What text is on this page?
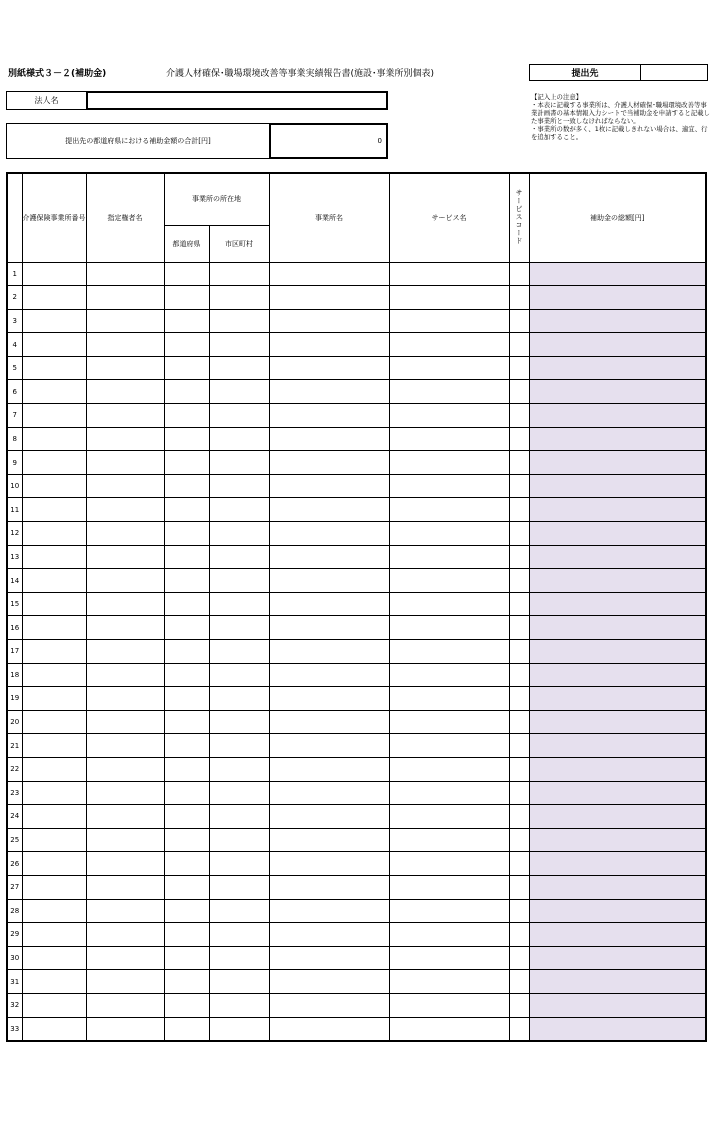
別紙様式３－２(補助金)	介護人材確保･職場環境改善等事業実績報告書(施設･事業所別個表)	提出先
法人名
提出先の都道府県における補助金額の合計[円]	0
【記入上の注意】
・本表に記載する事業所は、介護人材確保･職場環境改善等事業計画書の基本情報入力シートで当補助金を申請すると記載した事業所と一致しなければならない。
・事業所の数が多く、1枚に記載しきれない場合は、適宜、行を追加すること。
	介護保険事業所番号	指定権者名	事業所の所在地		事業所名	サービス名	サービスコード	補助金の総額[円]
			都道府県	市区町村				
1								
2								
3								
4								
5								
6								
7								
8								
9								
10								
11								
12								
13								
14								
15								
16								
17								
18								
19								
20								
21								
22								
23								
24								
25								
26								
27								
28								
29								
30								
31								
32								
33								
